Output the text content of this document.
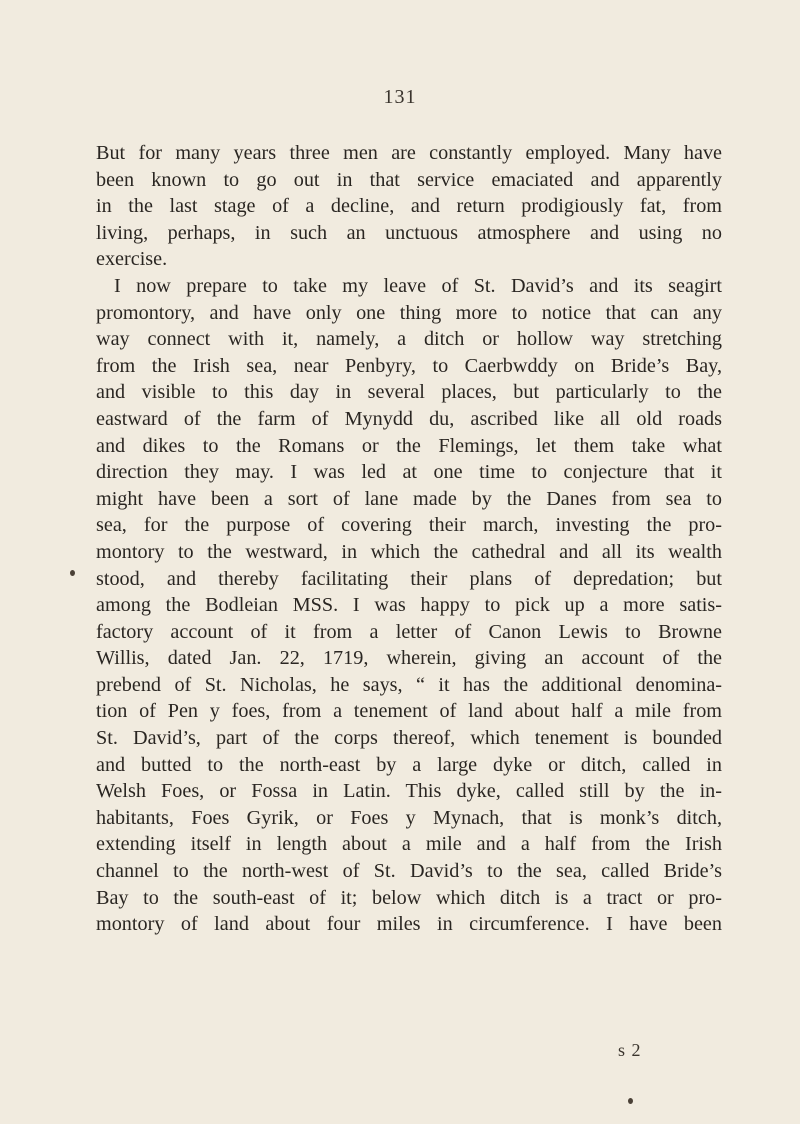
131
But for many years three men are constantly employed. Many have
been known to go out in that service emaciated and apparently
in the last stage of a decline, and return prodigiously fat, from
living, perhaps, in such an unctuous atmosphere and using no
exercise.
I now prepare to take my leave of St. David’s and its seagirt
promontory, and have only one thing more to notice that can any
way connect with it, namely, a ditch or hollow way stretching
from the Irish sea, near Penbyry, to Caerbwddy on Bride’s Bay,
and visible to this day in several places, but particularly to the
eastward of the farm of Mynydd du, ascribed like all old roads
and dikes to the Romans or the Flemings, let them take what
direction they may. I was led at one time to conjecture that it
might have been a sort of lane made by the Danes from sea to
sea, for the purpose of covering their march, investing the pro-
montory to the westward, in which the cathedral and all its wealth
stood, and thereby facilitating their plans of depredation; but
among the Bodleian MSS. I was happy to pick up a more satis-
factory account of it from a letter of Canon Lewis to Browne
Willis, dated Jan. 22, 1719, wherein, giving an account of the
prebend of St. Nicholas, he says, “ it has the additional denomina-
tion of Pen y foes, from a tenement of land about half a mile from
St. David’s, part of the corps thereof, which tenement is bounded
and butted to the north-east by a large dyke or ditch, called in
Welsh Foes, or Fossa in Latin. This dyke, called still by the in-
habitants, Foes Gyrik, or Foes y Mynach, that is monk’s ditch,
extending itself in length about a mile and a half from the Irish
channel to the north-west of St. David’s to the sea, called Bride’s
Bay to the south-east of it; below which ditch is a tract or pro-
montory of land about four miles in circumference. I have been
s 2
